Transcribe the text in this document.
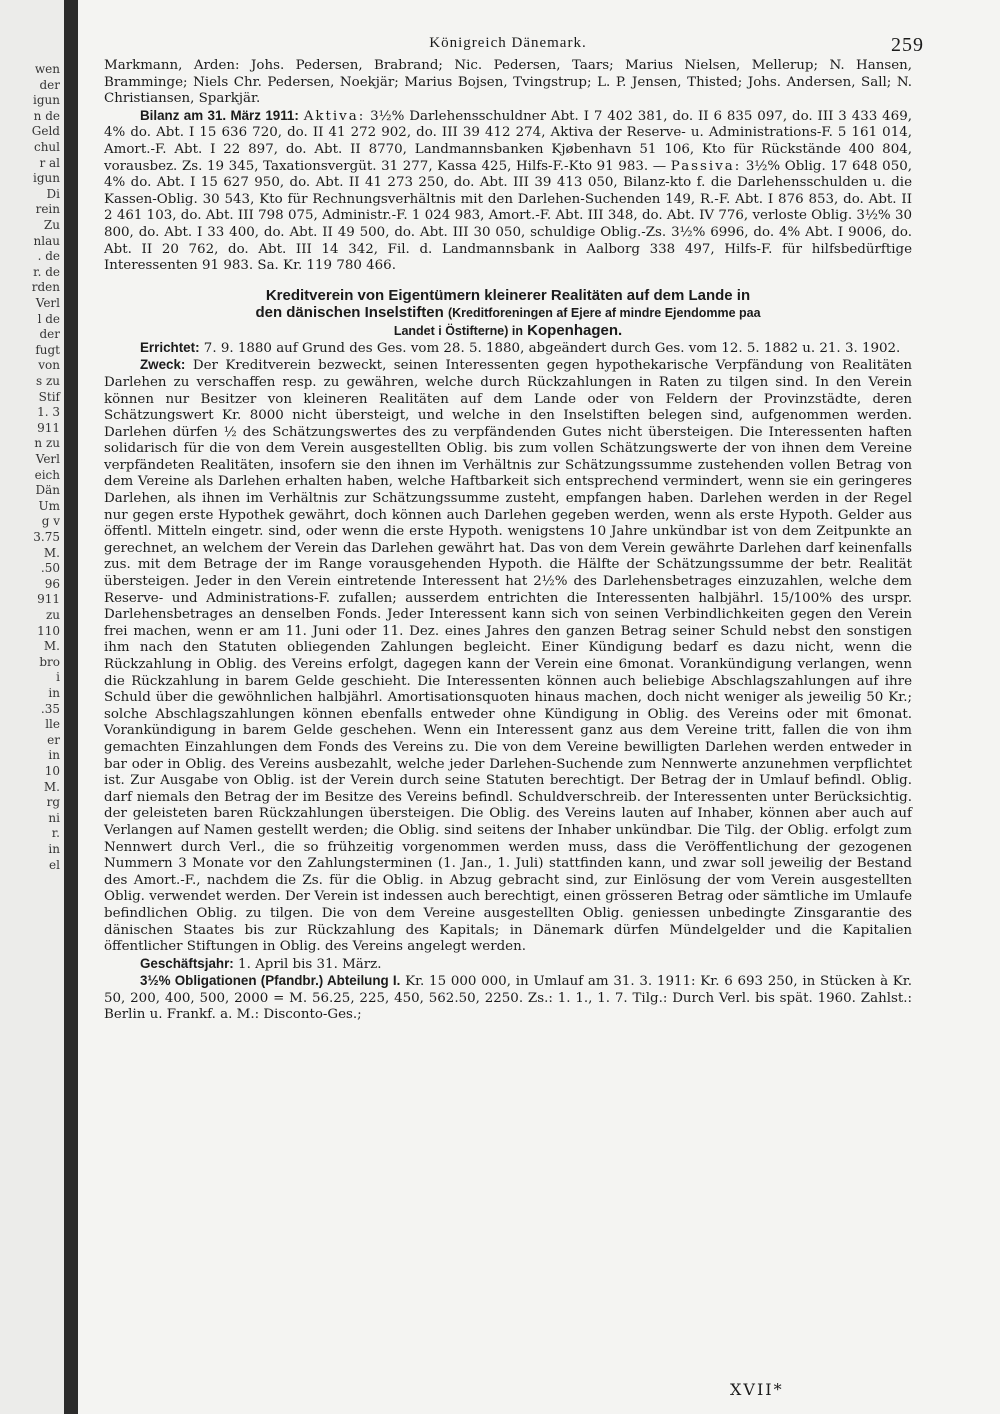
wen
der
igun
n de
Geld
chul
r al
igun
Di
rein
Zu
nlau
. de
r. de
rden
Verl
l de
der
fugt
von
s zu
Stif
1. 3
911
n zu
Verl
eich
Dän
Um
g v
3.75
M.
.50
96
911
zu
110
M.
bro
i
in
.35
lle
er
in
10
M.
rg
ni
r.
in
el
Königreich Dänemark.	259

Markmann, Arden: Johs. Pedersen, Brabrand; Nic. Pedersen, Taars; Marius Nielsen, Mellerup; N. Hansen, Bramminge; Niels Chr. Pedersen, Noekjär; Marius Bojsen, Tvingstrup; L. P. Jensen, Thisted; Johs. Andersen, Sall; N. Christiansen, Sparkjär.

Bilanz am 31. März 1911: Aktiva: 3½% Darlehensschuldner Abt. I 7 402 381, do. II 6 835 097, do. III 3 433 469, 4% do. Abt. I 15 636 720, do. II 41 272 902, do. III 39 412 274, Aktiva der Reserve- u. Administrations-F. 5 161 014, Amort.-F. Abt. I 22 897, do. Abt. II 8770, Landmannsbanken Kjøbenhavn 51 106, Kto für Rückstände 400 804, vorausbez. Zs. 19 345, Taxationsvergüt. 31 277, Kassa 425, Hilfs-F.-Kto 91 983. — Passiva: 3½% Oblig. 17 648 050, 4% do. Abt. I 15 627 950, do. Abt. II 41 273 250, do. Abt. III 39 413 050, Bilanz-kto f. die Darlehensschulden u. die Kassen-Oblig. 30 543, Kto für Rechnungsverhältnis mit den Darlehen-Suchenden 149, R.-F. Abt. I 876 853, do. Abt. II 2 461 103, do. Abt. III 798 075, Administr.-F. 1 024 983, Amort.-F. Abt. III 348, do. Abt. IV 776, verloste Oblig. 3½% 30 800, do. Abt. I 33 400, do. Abt. II 49 500, do. Abt. III 30 050, schuldige Oblig.-Zs. 3½% 6996, do. 4% Abt. I 9006, do. Abt. II 20 762, do. Abt. III 14 342, Fil. d. Landmannsbank in Aalborg 338 497, Hilfs-F. für hilfsbedürftige Interessenten 91 983. Sa. Kr. 119 780 466.

Kreditverein von Eigentümern kleinerer Realitäten auf dem Lande in
den dänischen Inselstiften (Kreditforeningen af Ejere af mindre Ejendomme paa
Landet i Östifterne) in Kopenhagen.

Errichtet: 7. 9. 1880 auf Grund des Ges. vom 28. 5. 1880, abgeändert durch Ges. vom 12. 5. 1882 u. 21. 3. 1902.

Zweck: Der Kreditverein bezweckt, seinen Interessenten gegen hypothekarische Verpfändung von Realitäten Darlehen zu verschaffen resp. zu gewähren, welche durch Rückzahlungen in Raten zu tilgen sind. In den Verein können nur Besitzer von kleineren Realitäten auf dem Lande oder von Feldern der Provinzstädte, deren Schätzungswert Kr. 8000 nicht übersteigt, und welche in den Inselstiften belegen sind, aufgenommen werden. Darlehen dürfen ½ des Schätzungswertes des zu verpfändenden Gutes nicht übersteigen. Die Interessenten haften solidarisch für die von dem Verein ausgestellten Oblig. bis zum vollen Schätzungswerte der von ihnen dem Vereine verpfändeten Realitäten, insofern sie den ihnen im Verhältnis zur Schätzungssumme zustehenden vollen Betrag von dem Vereine als Darlehen erhalten haben, welche Haftbarkeit sich entsprechend vermindert, wenn sie ein geringeres Darlehen, als ihnen im Verhältnis zur Schätzungssumme zusteht, empfangen haben. Darlehen werden in der Regel nur gegen erste Hypothek gewährt, doch können auch Darlehen gegeben werden, wenn als erste Hypoth. Gelder aus öffentl. Mitteln eingetr. sind, oder wenn die erste Hypoth. wenigstens 10 Jahre unkündbar ist von dem Zeitpunkte an gerechnet, an welchem der Verein das Darlehen gewährt hat. Das von dem Verein gewährte Darlehen darf keinenfalls zus. mit dem Betrage der im Range vorausgehenden Hypoth. die Hälfte der Schätzungssumme der betr. Realität übersteigen. Jeder in den Verein eintretende Interessent hat 2½% des Darlehensbetrages einzuzahlen, welche dem Reserve- und Administrations-F. zufallen; ausserdem entrichten die Interessenten halbjährl. 15/100% des urspr. Darlehensbetrages an denselben Fonds. Jeder Interessent kann sich von seinen Verbindlichkeiten gegen den Verein frei machen, wenn er am 11. Juni oder 11. Dez. eines Jahres den ganzen Betrag seiner Schuld nebst den sonstigen ihm nach den Statuten obliegenden Zahlungen begleicht. Einer Kündigung bedarf es dazu nicht, wenn die Rückzahlung in Oblig. des Vereins erfolgt, dagegen kann der Verein eine 6monat. Vorankündigung verlangen, wenn die Rückzahlung in barem Gelde geschieht. Die Interessenten können auch beliebige Abschlagszahlungen auf ihre Schuld über die gewöhnlichen halbjährl. Amortisationsquoten hinaus machen, doch nicht weniger als jeweilig 50 Kr.; solche Abschlagszahlungen können ebenfalls entweder ohne Kündigung in Oblig. des Vereins oder mit 6monat. Vorankündigung in barem Gelde geschehen. Wenn ein Interessent ganz aus dem Vereine tritt, fallen die von ihm gemachten Einzahlungen dem Fonds des Vereins zu. Die von dem Vereine bewilligten Darlehen werden entweder in bar oder in Oblig. des Vereins ausbezahlt, welche jeder Darlehen-Suchende zum Nennwerte anzunehmen verpflichtet ist. Zur Ausgabe von Oblig. ist der Verein durch seine Statuten berechtigt. Der Betrag der in Umlauf befindl. Oblig. darf niemals den Betrag der im Besitze des Vereins befindl. Schuldverschreib. der Interessenten unter Berücksichtig. der geleisteten baren Rückzahlungen übersteigen. Die Oblig. des Vereins lauten auf Inhaber, können aber auch auf Verlangen auf Namen gestellt werden; die Oblig. sind seitens der Inhaber unkündbar. Die Tilg. der Oblig. erfolgt zum Nennwert durch Verl., die so frühzeitig vorgenommen werden muss, dass die Veröffentlichung der gezogenen Nummern 3 Monate vor den Zahlungsterminen (1. Jan., 1. Juli) stattfinden kann, und zwar soll jeweilig der Bestand des Amort.-F., nachdem die Zs. für die Oblig. in Abzug gebracht sind, zur Einlösung der vom Verein ausgestellten Oblig. verwendet werden. Der Verein ist indessen auch berechtigt, einen grösseren Betrag oder sämtliche im Umlaufe befindlichen Oblig. zu tilgen. Die von dem Vereine ausgestellten Oblig. geniessen unbedingte Zinsgarantie des dänischen Staates bis zur Rückzahlung des Kapitals; in Dänemark dürfen Mündelgelder und die Kapitalien öffentlicher Stiftungen in Oblig. des Vereins angelegt werden.

Geschäftsjahr: 1. April bis 31. März.

3½% Obligationen (Pfandbr.) Abteilung I. Kr. 15 000 000, in Umlauf am 31. 3. 1911: Kr. 6 693 250, in Stücken à Kr. 50, 200, 400, 500, 2000 = M. 56.25, 225, 450, 562.50, 2250. Zs.: 1. 1., 1. 7. Tilg.: Durch Verl. bis spät. 1960. Zahlst.: Berlin u. Frankf. a. M.: Disconto-Ges.;

XVII*
